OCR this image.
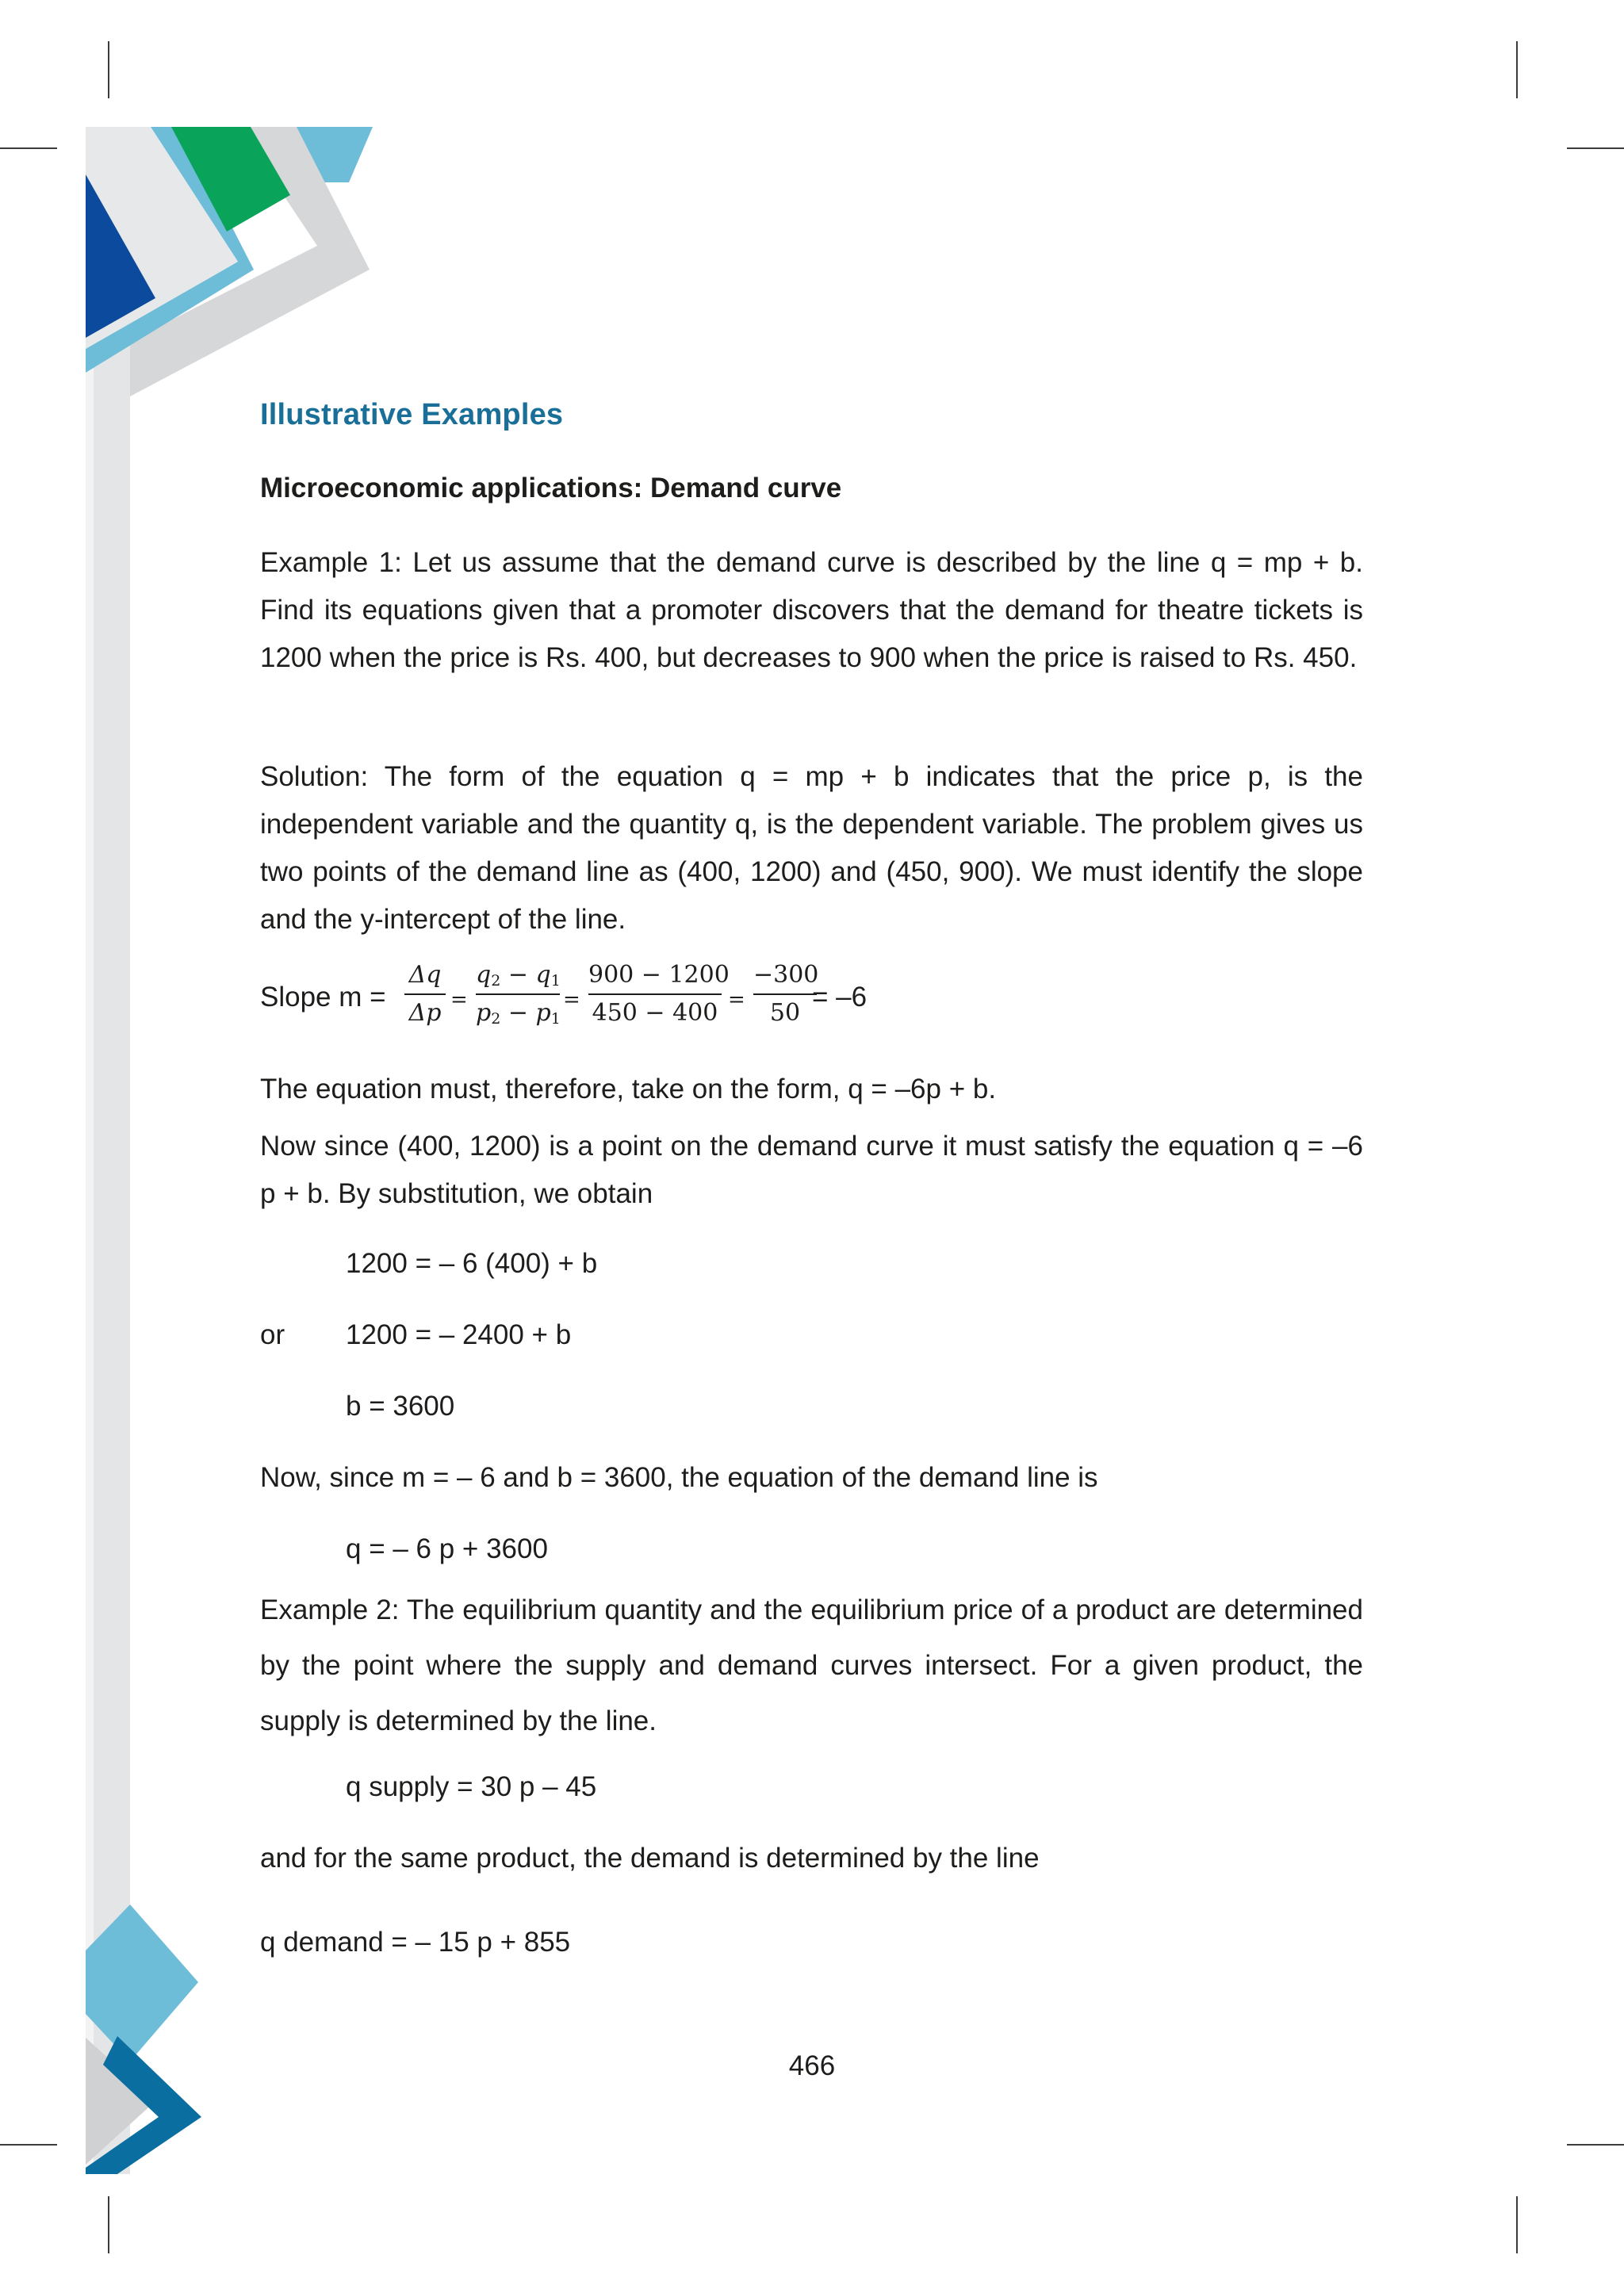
Illustrative Examples
Microeconomic applications: Demand curve

Example 1: Let us assume that the demand curve is described by the line q = mp + b. Find its equations given that a promoter discovers that the demand for theatre tickets is 1200 when the price is Rs. 400, but decreases to 900 when the price is raised to Rs. 450.

Solution: The form of the equation q = mp + b indicates that the price p, is the independent variable and the quantity q, is the dependent variable. The problem gives us two points of the demand line as (400, 1200) and (450, 900). We must identify the slope and the y-intercept of the line.

Slope m =
Δq
Δp =
$q_2 - q_1$
$p_2 - p_1$
=
900 − 1200
450 − 400 =
−300
50
= –6

The equation must, therefore, take on the form, q = –6p + b.

Now since (400, 1200) is a point on the demand curve it must satisfy the equation q = –6 p + b. By substitution, we obtain

1200 = – 6 (400) + b

or 1200 = – 2400 + b

b = 3600

Now, since m = – 6 and b = 3600, the equation of the demand line is

q = – 6 p + 3600

Example 2: The equilibrium quantity and the equilibrium price of a product are determined by the point where the supply and demand curves intersect. For a given product, the supply is determined by the line.

q supply = 30 p – 45

and for the same product, the demand is determined by the line

q demand = – 15 p + 855

466
